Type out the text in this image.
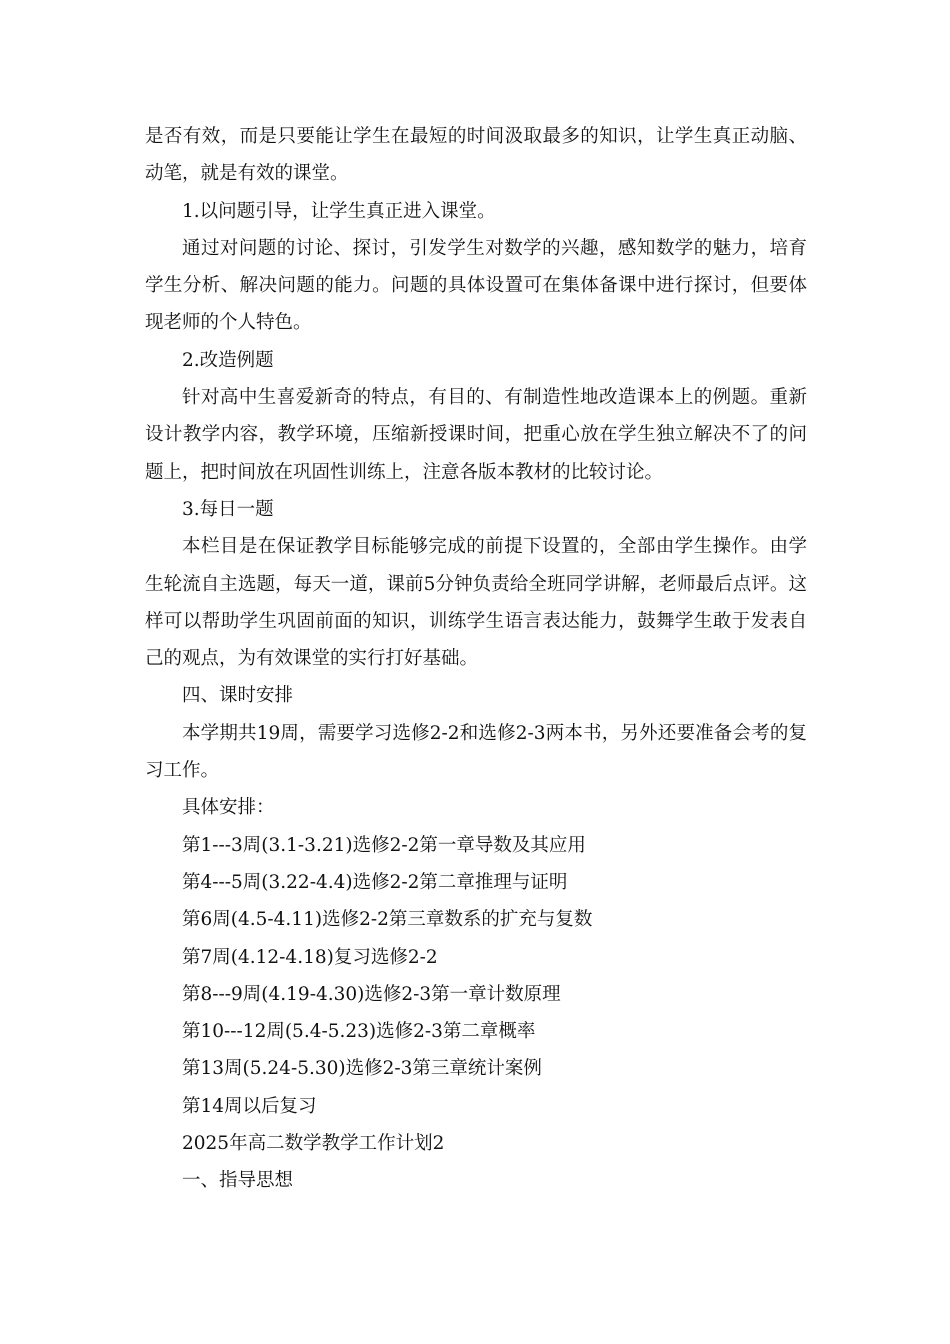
是否有效，而是只要能让学生在最短的时间汲取最多的知识，让学生真正动脑、动笔，就是有效的课堂。

1.以问题引导，让学生真正进入课堂。

通过对问题的讨论、探讨，引发学生对数学的兴趣，感知数学的魅力，培育学生分析、解决问题的能力。问题的具体设置可在集体备课中进行探讨，但要体现老师的个人特色。

2.改造例题

针对高中生喜爱新奇的特点，有目的、有制造性地改造课本上的例题。重新设计教学内容，教学环境，压缩新授课时间，把重心放在学生独立解决不了的问题上，把时间放在巩固性训练上，注意各版本教材的比较讨论。

3.每日一题

本栏目是在保证教学目标能够完成的前提下设置的，全部由学生操作。由学生轮流自主选题，每天一道，课前5分钟负责给全班同学讲解，老师最后点评。这样可以帮助学生巩固前面的知识，训练学生语言表达能力，鼓舞学生敢于发表自己的观点，为有效课堂的实行打好基础。

四、课时安排

本学期共19周，需要学习选修2-2和选修2-3两本书，另外还要准备会考的复习工作。

具体安排：

第1---3周(3.1-3.21)选修2-2第一章导数及其应用

第4---5周(3.22-4.4)选修2-2第二章推理与证明

第6周(4.5-4.11)选修2-2第三章数系的扩充与复数

第7周(4.12-4.18)复习选修2-2

第8---9周(4.19-4.30)选修2-3第一章计数原理

第10---12周(5.4-5.23)选修2-3第二章概率

第13周(5.24-5.30)选修2-3第三章统计案例

第14周以后复习

2025年高二数学教学工作计划2

一、指导思想
